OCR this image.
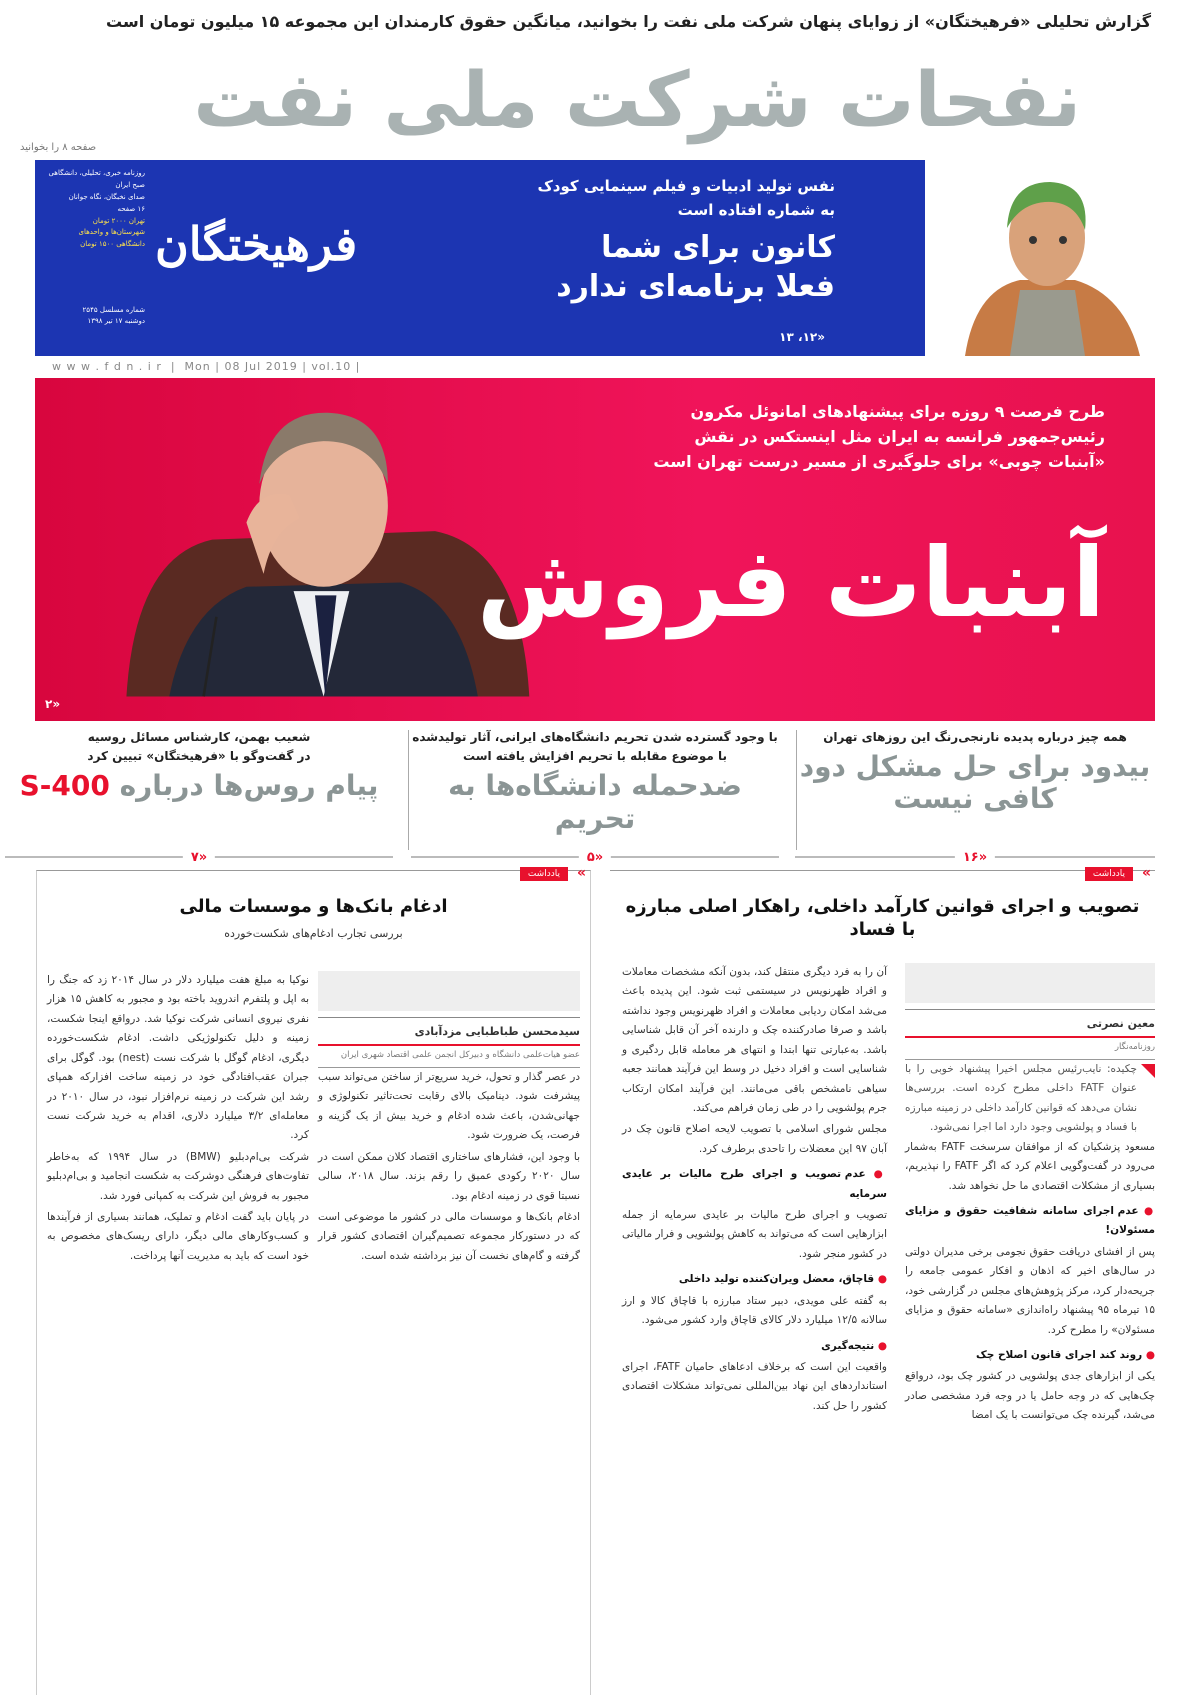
گزارش تحلیلی «فرهیختگان» از زوایای پنهان شرکت ملی نفت را بخوانید، میانگین حقوق کارمندان این مجموعه ۱۵ میلیون تومان است
نفحات شرکت ملی نفت
صفحه ۸ را بخوانید
روزنامه خبری، تحلیلی، دانشگاهی صبح ایران
صدای نخبگان، نگاه جوانان
۱۶ صفحه
تهران ۲۰۰۰ تومان
شهرستان‌ها و واحدهای
دانشگاهی ۱۵۰۰ تومان فرهیختگان
شماره مسلسل ۲۵۴۵
دوشنبه ۱۷ تیر ۱۳۹۸
نفس تولید ادبیات و فیلم سینمایی کودک
به شماره افتاده است
کانون برای شما
فعلا برنامه‌ای ندارد
«۱۲، ۱۳
w w w . f d n . i r  |  Mon | 08 Jul 2019 | vol.10 |
طرح فرصت ۹ روزه برای پیشنهادهای امانوئل مکرون
رئیس‌جمهور فرانسه به ایران مثل اینستکس در نقش
«آبنبات چوبی» برای جلوگیری از مسیر درست تهران است
آبنبات فروش
«۲
همه چیز درباره پدیده نارنجی‌رنگ این روزهای تهران
بیدود برای حل مشکل دود کافی نیست
«۱۶
با وجود گسترده شدن تحریم دانشگاه‌های ایرانی، آثار تولیدشده
با موضوع مقابله با تحریم افزایش یافته است
ضدحمله دانشگاه‌ها به تحریم
«۵
شعیب بهمن، کارشناس مسائل روسیه
در گفت‌وگو با «فرهیختگان» تبیین کرد
پیام روس‌ها درباره S-400
«۷
»
یادداشت
تصویب و اجرای قوانین کارآمد داخلی، راهکار اصلی مبارزه با فساد
معین نصرتی
روزنامه‌نگار
چکیده: نایب‌رئیس مجلس اخیرا پیشنهاد خوبی را با عنوان FATF داخلی مطرح کرده است. بررسی‌ها نشان می‌دهد که قوانین کارآمد داخلی در زمینه مبارزه با فساد و پولشویی وجود دارد اما اجرا نمی‌شود.

مسعود پزشکیان که از موافقان سرسخت FATF به‌شمار می‌رود در گفت‌وگویی اعلام کرد که اگر FATF را نپذیریم، بسیاری از مشکلات اقتصادی ما حل نخواهد شد.

● عدم اجرای سامانه شفافیت حقوق و مزایای مسئولان!

پس از افشای دریافت حقوق نجومی برخی مدیران دولتی در سال‌های اخیر که اذهان و افکار عمومی جامعه را جریحه‌دار کرد، مرکز پژوهش‌های مجلس در گزارشی خود، ۱۵ تیرماه ۹۵ پیشنهاد راه‌اندازی «سامانه حقوق و مزایای مسئولان» را مطرح کرد.

● روند کند اجرای قانون اصلاح چک

یکی از ابزارهای جدی پولشویی در کشور چک بود، درواقع چک‌هایی که در وجه حامل یا در وجه فرد مشخصی صادر می‌شد، گیرنده چک می‌توانست با یک امضا

آن را به فرد دیگری منتقل کند، بدون آنکه مشخصات معاملات و افراد ظهرنویس در سیستمی ثبت شود. این پدیده باعث می‌شد امکان ردیابی معاملات و افراد ظهرنویس وجود نداشته باشد و صرفا صادرکننده چک و دارنده آخر آن قابل شناسایی باشد. به‌عبارتی تنها ابتدا و انتهای هر معامله قابل ردگیری و شناسایی است و افراد دخیل در وسط این فرآیند همانند جعبه سیاهی نامشخص باقی می‌مانند. این فرآیند امکان ارتکاب جرم پولشویی را در طی زمان فراهم می‌کند.

مجلس شورای اسلامی با تصویب لایحه اصلاح قانون چک در آبان ۹۷ این معضلات را تاحدی برطرف کرد.

● عدم تصویب و اجرای طرح مالیات بر عایدی سرمایه

تصویب و اجرای طرح مالیات بر عایدی سرمایه از جمله ابزارهایی است که می‌تواند به کاهش پولشویی و فرار مالیاتی در کشور منجر شود.

● قاچاق، معضل ویران‌کننده تولید داخلی

به گفته علی مویدی، دبیر ستاد مبارزه با قاچاق کالا و ارز سالانه ۱۲/۵ میلیارد دلار کالای قاچاق وارد کشور می‌شود.

● نتیجه‌گیری

واقعیت این است که برخلاف ادعاهای حامیان FATF، اجرای استانداردهای این نهاد بین‌المللی نمی‌تواند مشکلات اقتصادی کشور را حل کند.

»
یادداشت
ادغام بانک‌ها و موسسات مالی
بررسی تجارب ادغام‌های شکست‌خورده
سیدمحسن طباطبایی مزدآبادی
عضو هیات‌علمی دانشگاه و دبیرکل انجمن علمی اقتصاد شهری ایران

در عصر گذار و تحول، خرید سریع‌تر از ساختن می‌تواند سبب پیشرفت شود. دینامیک بالای رقابت تحت‌تاثیر تکنولوژی و جهانی‌شدن، باعث شده ادغام و خرید بیش از یک گزینه و فرصت، یک ضرورت شود.

با وجود این، فشارهای ساختاری اقتصاد کلان ممکن است در سال ۲۰۲۰ رکودی عمیق را رقم بزند. سال ۲۰۱۸، سالی نسبتا قوی در زمینه ادغام بود.

ادغام بانک‌ها و موسسات مالی در کشور ما موضوعی است که در دستورکار مجموعه تصمیم‌گیران اقتصادی کشور قرار گرفته و گام‌های نخست آن نیز برداشته شده است.

نوکیا به مبلغ هفت میلیارد دلار در سال ۲۰۱۴ زد که جنگ را به اپل و پلتفرم اندروید باخته بود و مجبور به کاهش ۱۵ هزار نفری نیروی انسانی شرکت نوکیا شد. درواقع اینجا شکست، زمینه و دلیل تکنولوژیکی داشت. ادغام شکست‌خورده دیگری، ادغام گوگل با شرکت نست (nest) بود. گوگل برای جبران عقب‌افتادگی خود در زمینه ساخت افزارکه همپای رشد این شرکت در زمینه نرم‌افزار نبود، در سال ۲۰۱۰ در معامله‌ای ۳/۲ میلیارد دلاری، اقدام به خرید شرکت نست کرد.

شرکت بی‌ام‌دبلیو (BMW) در سال ۱۹۹۴ که به‌خاطر تفاوت‌های فرهنگی دوشرکت به شکست انجامید و بی‌ام‌دبلیو مجبور به فروش این شرکت به کمپانی فورد شد.

در پایان باید گفت ادغام و تملیک، همانند بسیاری از فرآیندها و کسب‌وکارهای مالی دیگر، دارای ریسک‌های مخصوص به خود است که باید به مدیریت آنها پرداخت.
